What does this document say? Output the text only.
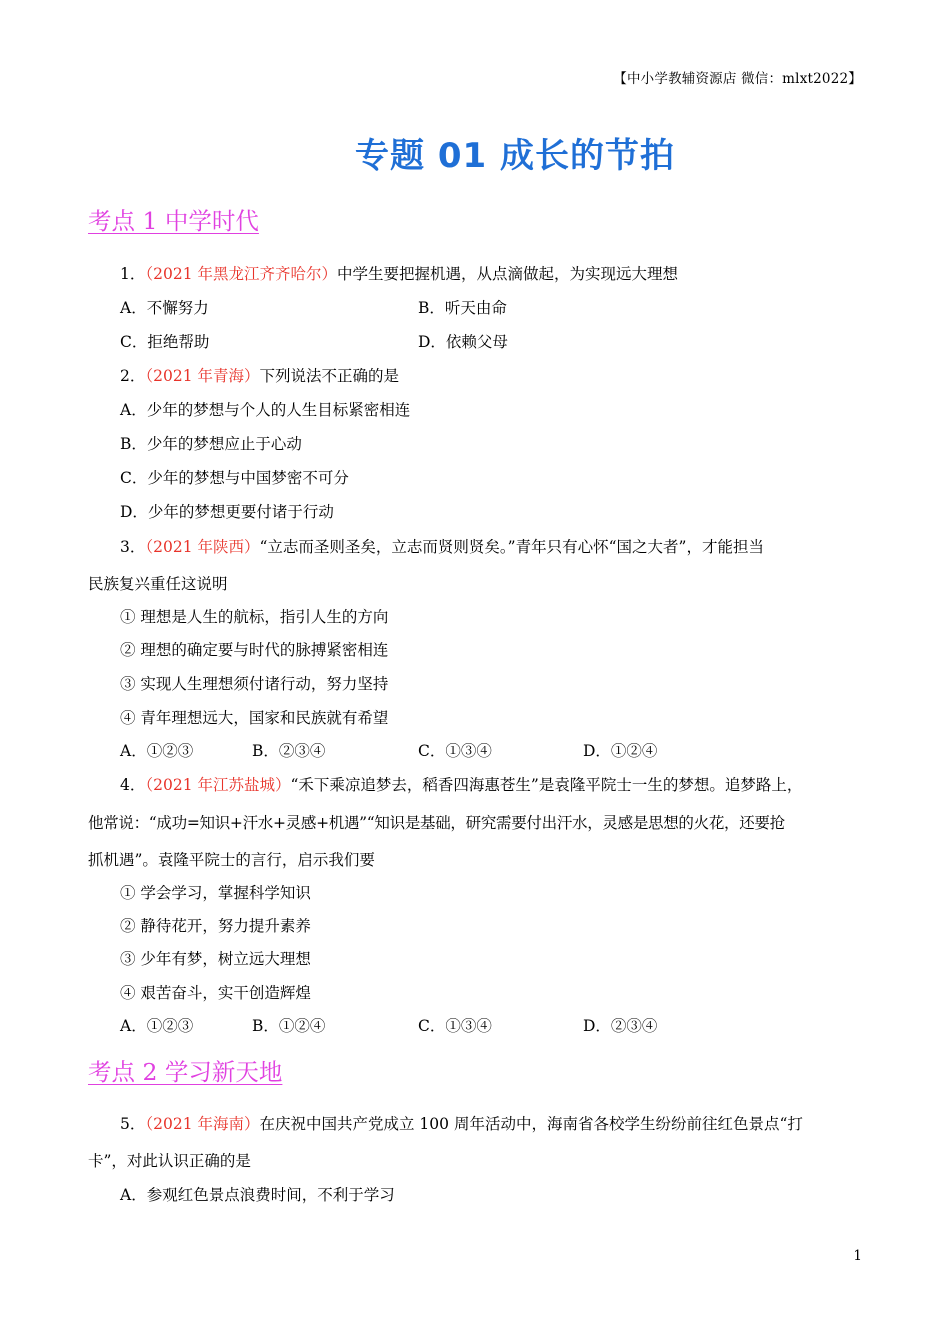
【中小学教辅资源店 微信：mlxt2022】
专题 01 成长的节拍
考点 1 中学时代
1．（2021 年黑龙江齐齐哈尔）中学生要把握机遇，从点滴做起，为实现远大理想
A．不懈努力	B．听天由命
C．拒绝帮助	D．依赖父母
2．（2021 年青海）下列说法不正确的是
A．少年的梦想与个人的人生目标紧密相连
B．少年的梦想应止于心动
C．少年的梦想与中国梦密不可分
D．少年的梦想更要付诸于行动
3．（2021 年陕西）“立志而圣则圣矣，立志而贤则贤矣。”青年只有心怀“国之大者”，才能担当
民族复兴重任这说明
① 理想是人生的航标，指引人生的方向
② 理想的确定要与时代的脉搏紧密相连
③ 实现人生理想须付诸行动，努力坚持
④ 青年理想远大，国家和民族就有希望
A．①②③	B．②③④	C．①③④	D．①②④
4．（2021 年江苏盐城）“禾下乘凉追梦去，稻香四海惠苍生”是袁隆平院士一生的梦想。追梦路上，
他常说：“成功=知识+汗水+灵感+机遇”“知识是基础，研究需要付出汗水，灵感是思想的火花，还要抢
抓机遇”。袁隆平院士的言行，启示我们要
① 学会学习，掌握科学知识
② 静待花开，努力提升素养
③ 少年有梦，树立远大理想
④ 艰苦奋斗，实干创造辉煌
A．①②③	B．①②④	C．①③④	D．②③④
考点 2 学习新天地
5．（2021 年海南）在庆祝中国共产党成立 100 周年活动中，海南省各校学生纷纷前往红色景点“打
卡”，对此认识正确的是
A．参观红色景点浪费时间，不利于学习
1
